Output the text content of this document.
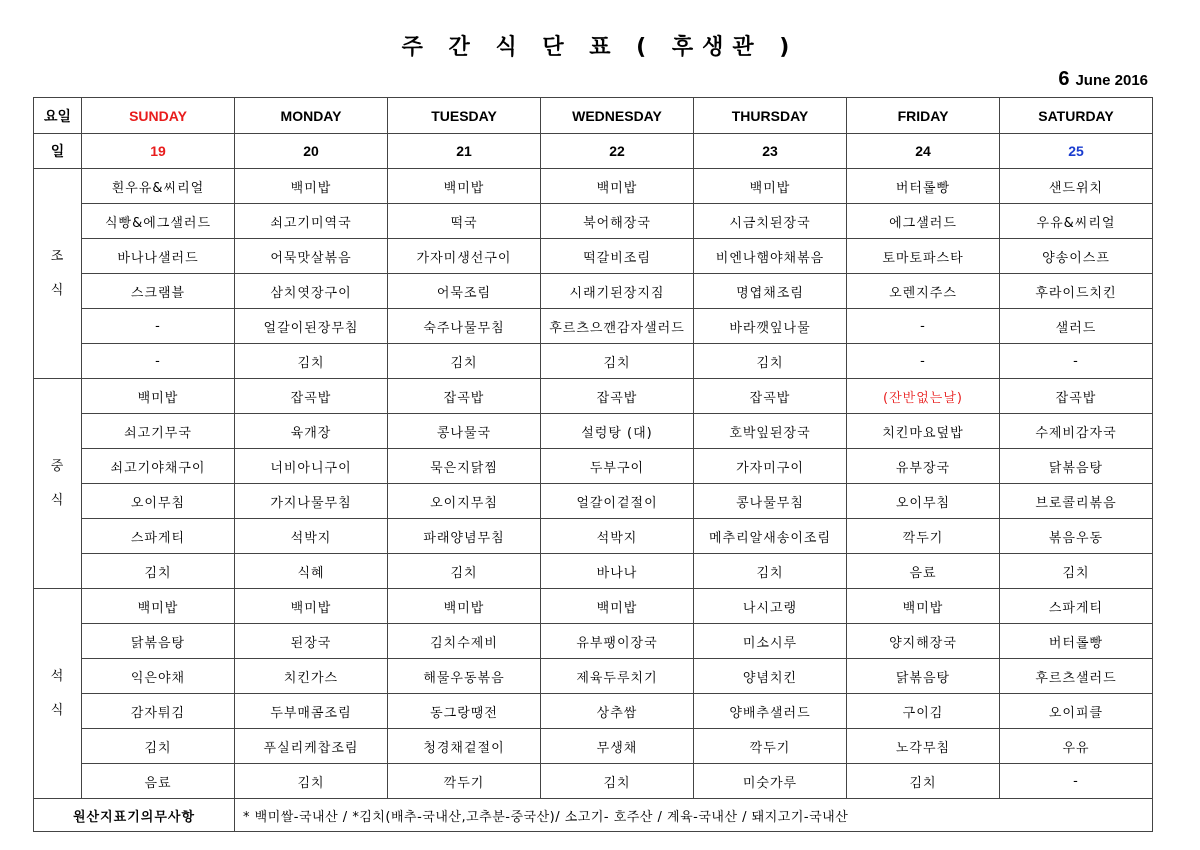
주 간 식 단 표 ( 후생관 )
6 June 2016
요일	SUNDAY	MONDAY	TUESDAY	WEDNESDAY	THURSDAY	FRIDAY	SATURDAY
일	19	20	21	22	23	24	25

조
식	흰우유&씨리얼	백미밥	백미밥	백미밥	백미밥	버터롤빵	샌드위치
	식빵&에그샐러드	쇠고기미역국	떡국	북어해장국	시금치된장국	에그샐러드	우유&씨리얼
	바나나샐러드	어묵맛살볶음	가자미생선구이	떡갈비조림	비엔나햄야채볶음	토마토파스타	양송이스프
	스크램블	삼치엿장구이	어묵조림	시래기된장지짐	명엽채조림	오렌지주스	후라이드치킨
	-	얼갈이된장무침	숙주나물무침	후르츠으깬감자샐러드	바라깻잎나물	-	샐러드
	-	김치	김치	김치	김치	-	-

중
식	백미밥	잡곡밥	잡곡밥	잡곡밥	잡곡밥	(잔반없는날)	잡곡밥
	쇠고기무국	육개장	콩나물국	설렁탕 (대)	호박잎된장국	치킨마요덮밥	수제비감자국
	쇠고기야채구이	너비아니구이	묵은지닭찜	두부구이	가자미구이	유부장국	닭볶음탕
	오이무침	가지나물무침	오이지무침	얼갈이겉절이	콩나물무침	오이무침	브로콜리볶음
	스파게티	석박지	파래양념무침	석박지	메추리알새송이조림	깍두기	볶음우동
	김치	식혜	김치	바나나	김치	음료	김치

석
식	백미밥	백미밥	백미밥	백미밥	나시고랭	백미밥	스파게티
	닭볶음탕	된장국	김치수제비	유부팽이장국	미소시루	양지해장국	버터롤빵
	익은야채	치킨가스	해물우동볶음	제육두루치기	양념치킨	닭볶음탕	후르츠샐러드
	감자튀김	두부매콤조림	동그랑땡전	상추쌈	양배추샐러드	구이김	오이피클
	김치	푸실리케찹조림	청경채겉절이	무생채	깍두기	노각무침	우유
	음료	김치	깍두기	김치	미숫가루	김치	-
원산지표기의무사항		* 백미쌀-국내산 / *김치(배추-국내산,고추분-중국산)/ 소고기- 호주산 / 계육-국내산 / 돼지고기-국내산					
